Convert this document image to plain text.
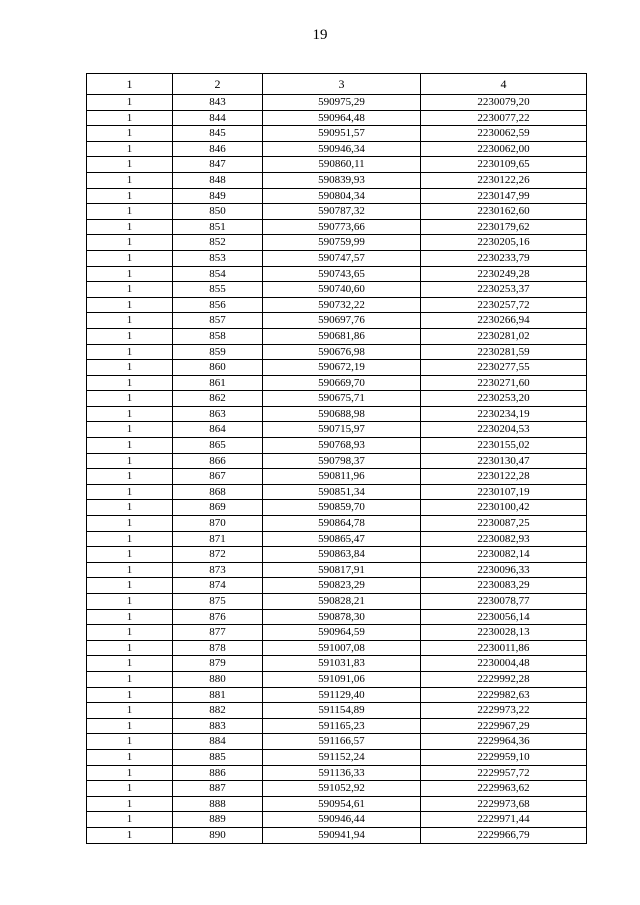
19
1	2	3	4
1	843	590975,29	2230079,20
1	844	590964,48	2230077,22
1	845	590951,57	2230062,59
1	846	590946,34	2230062,00
1	847	590860,11	2230109,65
1	848	590839,93	2230122,26
1	849	590804,34	2230147,99
1	850	590787,32	2230162,60
1	851	590773,66	2230179,62
1	852	590759,99	2230205,16
1	853	590747,57	2230233,79
1	854	590743,65	2230249,28
1	855	590740,60	2230253,37
1	856	590732,22	2230257,72
1	857	590697,76	2230266,94
1	858	590681,86	2230281,02
1	859	590676,98	2230281,59
1	860	590672,19	2230277,55
1	861	590669,70	2230271,60
1	862	590675,71	2230253,20
1	863	590688,98	2230234,19
1	864	590715,97	2230204,53
1	865	590768,93	2230155,02
1	866	590798,37	2230130,47
1	867	590811,96	2230122,28
1	868	590851,34	2230107,19
1	869	590859,70	2230100,42
1	870	590864,78	2230087,25
1	871	590865,47	2230082,93
1	872	590863,84	2230082,14
1	873	590817,91	2230096,33
1	874	590823,29	2230083,29
1	875	590828,21	2230078,77
1	876	590878,30	2230056,14
1	877	590964,59	2230028,13
1	878	591007,08	2230011,86
1	879	591031,83	2230004,48
1	880	591091,06	2229992,28
1	881	591129,40	2229982,63
1	882	591154,89	2229973,22
1	883	591165,23	2229967,29
1	884	591166,57	2229964,36
1	885	591152,24	2229959,10
1	886	591136,33	2229957,72
1	887	591052,92	2229963,62
1	888	590954,61	2229973,68
1	889	590946,44	2229971,44
1	890	590941,94	2229966,79
